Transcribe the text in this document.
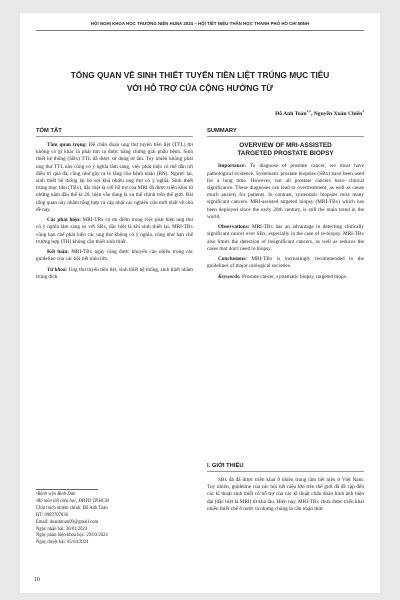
HỘI NGHỊ KHOA HỌC THƯỜNG NIÊN HUNA 2024 – HỘI TIẾT NIỆU-THẬN HỌC THÀNH PHỐ HỒ CHÍ MINH
TỔNG QUAN VỀ SINH THIẾT TUYẾN TIỀN LIỆT TRÚNG MỤC TIÊU
VỚI HỖ TRỢ CỦA CỘNG HƯỞNG TỪ
Đỗ Anh Toàn$^{1,2}$, Nguyễn Xuân Chiến$^1$
TÓM TẮT

Tầm quan trọng: Để chẩn đoán ung thư tuyến tiền liệt (TTL) thì không có gì khác là phải tìm ra được bằng chứng giải phẫu bệnh. Sinh thiết hệ thống (SBx) TTL đã được sử dụng từ lâu. Tuy nhiên không phải ung thư TTL nào cũng có ý nghĩa lâm sàng, việc phát hiện có thể dẫn tới điều trị quá đà, cũng như gây ra lo lắng cho bệnh nhân (BN). Ngược lại, sinh thiết hệ thống lại bỏ sót khá nhiều ung thư có ý nghĩa. Sinh thiết trúng mục tiêu (TBx), đặc biệt là với hỗ trợ của MRI đã được triển khai từ những năm đầu thế kỉ 20, hiện vẫn đang là xu thế chính trên thế giới. Bài tổng quan này nhằm tổng hợp và cập nhật các nghiên cứu mới nhất về chủ đề này.

Các phát hiện: MRI-TBx có ưu điểm trong việc phát hiện ung thư có ý nghĩa lâm sàng so với SBx, đặc biệt là khi sinh thiết lại. MRI-TBx cũng hạn chế phát hiện các ung thư không có ý nghĩa, cũng như hạn chế trường hợp (TH) không cần thiết sinh thiết.

Kết luận: MRI-TBx ngày càng được khuyến cáo nhiều trong các guideline của các hội tiết niệu lớn.

Từ khoá: Ung thư tuyến tiền liệt, sinh thiết hệ thống, sinh thiết nhắm trúng đích.

SUMMARY
OVERVIEW OF MRI-ASSISTED
TARGETED PROSTATE BIOPSY

Importance: To diagnose of prostate cancer, we must have pathological evidence. Systematic prostate biopsies (SBx) have been used for a long time. However, not all prostate cancers have clinical significance. These diagnoses can lead to overtreatment, as well as cause much anxiety for patients. In contrast, systematic biopsies miss many significant cancers. MRI-assisted targeted biopsy (MRI-TBx) which has been deployed since the early 20th century, is still the main trend in the world.

Observations: MRI-TBx has an advantage in detecting clinically significant cancer over SBx, especially in the case of re-biopsy. MRI-TBx also limits the detection of insignificant cancers, as well as reduces the cases that don't need to biopsy.

Conclusions: MRI-TBx is increasingly recommended in the guidelines of major urological societies.

Keywords: Prostate cancer, systematic biopsy, targeted biops.

I. GIỚI THIỆU

SBx đã đã được triển khai ở nhiều trung tâm tiết niệu ở Việt Nam. Tuy nhiên, guideline của các hội tiết niệu lớn trên thế giới đã đề cập đến các kĩ thuật sinh thiết có hỗ trợ của các kĩ thuật chẩn đoán hình ảnh hiện đại (đặc biệt là MRI) từ khá lâu. Hiện nay, MRI-TBx chưa được triển khai nhiều thiết chế ở nước ta nhưng chúng ta cần nhận thức

¹Bệnh viện Bình Dân
²Bộ môn tiết niệu học, ĐHYD TP.HCM
Chịu trách nhiệm chính: Đỗ Anh Toàn
ĐT: 0983707036
Email: doanhtoan09@gmail.com
Ngày nhận bài: 30/01/2024
Ngày phản biện khoa học: 29/03/2024
Ngày duyệt bài: 05/04/2024
10
